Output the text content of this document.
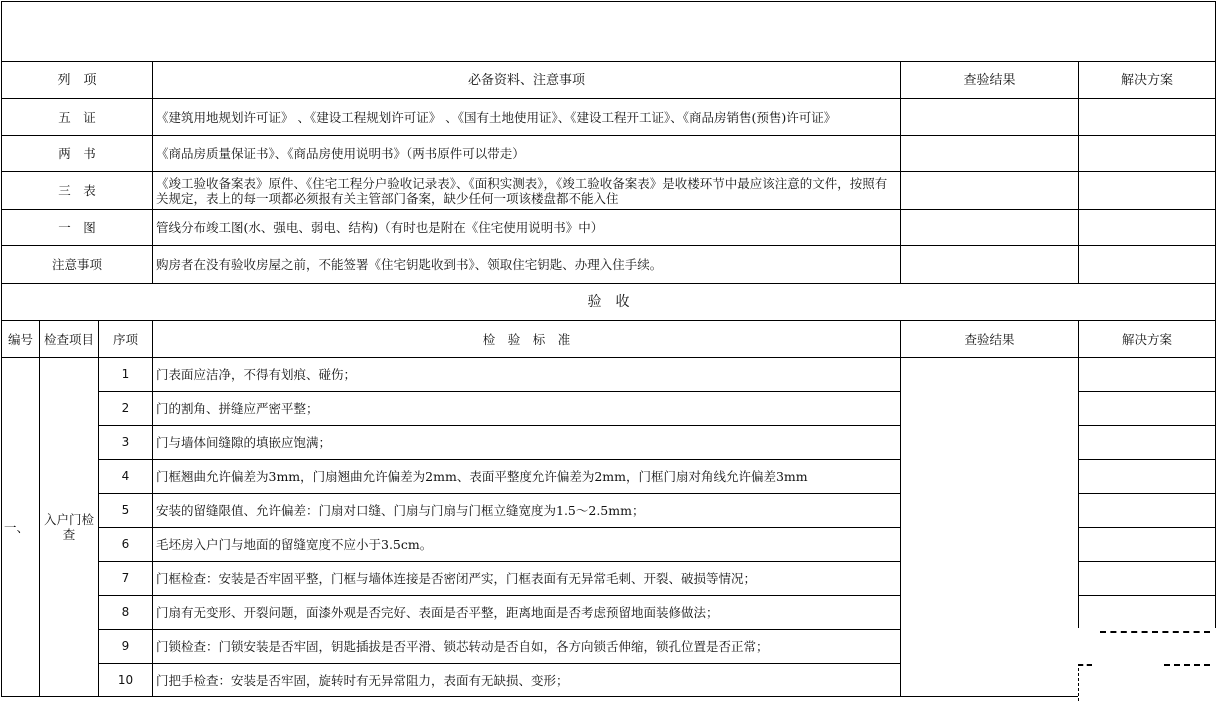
列　项			必备资料、注意事项	查验结果	解决方案
五　证			《建筑用地规划许可证》 、《建设工程规划许可证》 、《国有土地使用证》、《建设工程开工证》、《商品房销售(预售)许可证》		
两　书			《商品房质量保证书》、《商品房使用说明书》（两书原件可以带走）		
三　表			《竣工验收备案表》原件、《住宅工程分户验收记录表》、《面积实测表》，《竣工验收备案表》是收楼环节中最应该注意的文件，按照有关规定，表上的每一项都必须报有关主管部门备案，缺少任何一项该楼盘都不能入住		
一　图			管线分布竣工图(水、强电、弱电、结构)（有时也是附在《住宅使用说明书》中）		
注意事项			购房者在没有验收房屋之前，不能签署《住宅钥匙收到书》、领取住宅钥匙、办理入住手续。		
验　收					
编号	检查项目	序项	检　验　标　准	查验结果	解决方案
一、	入户门检查	1	门表面应洁净，不得有划痕、碰伤；		
		2	门的割角、拼缝应严密平整；		
		3	门与墙体间缝隙的填嵌应饱满；		
		4	门框翘曲允许偏差为3mm，门扇翘曲允许偏差为2mm、表面平整度允许偏差为2mm，门框门扇对角线允许偏差3mm		
		5	安装的留缝限值、允许偏差：门扇对口缝、门扇与门扇与门框立缝宽度为1.5～2.5mm；		
		6	毛坯房入户门与地面的留缝宽度不应小于3.5cm。		
		7	门框检查：安装是否牢固平整，门框与墙体连接是否密闭严实，门框表面有无异常毛刺、开裂、破损等情况；		
		8	门扇有无变形、开裂问题，面漆外观是否完好、表面是否平整，距离地面是否考虑预留地面装修做法；		
		9	门锁检查：门锁安装是否牢固，钥匙插拔是否平滑、锁芯转动是否自如，各方向锁舌伸缩，锁孔位置是否正常；		
		10	门把手检查：安装是否牢固，旋转时有无异常阻力，表面有无缺损、变形；		
